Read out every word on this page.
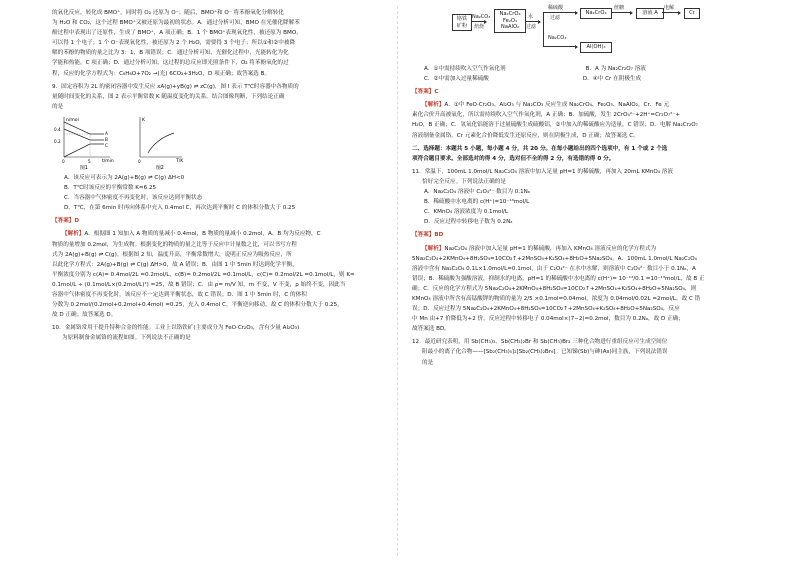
的氧化反应，转化成 BMO⁺，同时将 O₂ 还原为 O⁻；随后，BMO⁺和 O⁻ 将苯酚氧化分解转化

为 H₂O 和 CO₂，这个过程 BMO⁺又被还原为最初的状态。A．通过分析可知，BMO 在光催化降解苯

酚过程中表现出了还原性，生成了 BMO⁺，A 项正确；B．1 个 BMO⁺表现氧化性，被还原为 BMO，

可以得 1 个电子；1 个 O⁻表现氧化性，被还原为 2 个 H₂O，需要得 3 个电子；所以①和②中被降

解的苯酚的物质的量之比为 3：1，B 项错误；C．通过分析可知，光催化过程中，光能转化为化

学能和热能，C 项正确；D．通过分析可知，这过程的总反应即光照条件下，O₂ 将苯酚氧化的过

程，反应的化学方程式为：C₆H₆O+7O₂ →(光) 6CO₂+3H₂O，D 项正确；故答案选 B。

9．固定容积为 2L 的密闭容器中发生反应 xA(g)+yB(g) ⇌ zC(g)，图 I 表示 T℃时容器中各物质的

量随时间变化的关系，图 2 表示平衡常数 K 随温度变化的关系。结合图像判断，下列结论正确

的是

n/mol
t/min
0.4
0.2
0	5
A
B
C
图1
K
T/K
0
图2

A．该反应可表示为 2A(g)+B(g) ⇌ C(g) ΔH<0

B．T℃时该反应的平衡常数 K=6.25

C．当容器中气体密度不再变化时，该反应达到平衡状态

D．T℃，在第 6min 时再向体系中充入 0.4mol C，再次达到平衡时 C 的体积分数大于 0.25

【答案】D

【解析】A．根据图 1 知加入 A 物质的量减小 0.4mol，B 物质的量减小 0.2mol，A、B 均为反应物，C

物质的量增加 0.2mol，为生成物。根据变化的物质的量之比等于反应中计量数之比，可以书写方程

式为 2A(g)+B(g) ⇌ C(g)。根据图 2 知，温度升高，平衡常数增大，说明正反应为吸热反应，所

以此化学方程式：2A(g)+B(g) ⇌ C(g) ΔH>0，故 A 错误；B．由图 1 中 5min 时达到化学平衡，

平衡浓度分别为 c(A)= 0.4mol/2L =0.2mol/L，c(B)= 0.2mol/2L =0.1mol/L，c(C)= 0.2mol/2L =0.1mol/L，则 K=

0.1mol/L ÷ (0.1mol/L×(0.2mol/L)²) =25，故 B 错误；C．由 ρ= m/V 知，m 不变，V 不变，ρ 始终不变，因此当

容器中气体密度不再变化时，该反应不一定达到平衡状态，故 C 错误；D．图 1 中 5min 时，C 的体积

分数为 0.2mol/(0.2mol+0.2mol+0.4mol) =0.25，充入 0.4mol C，平衡逆向移动，故 C 的体积分数大于 0.25，

故 D 正确；故答案选 D。

10．金属铬常用于提升特种合金的性能。工业上以铬铁矿(主要成分为 FeO·Cr₂O₃，含有少量 Al₂O₃)

为原料制备金属铬的流程如图。下列说法不正确的是

铬铁矿粉
Na₂CO₃
焙烧
Na₂CrO₄
Fe₂O₃
NaAlO₂
水
过滤
稀硫酸
过滤
Na₂CrO₄
Al(OH)₃
Na₂CO₃
蔗糖
溶液 A
电解
Cr

A．①中需持续吹入空气作氧化剂	B．A 为 Na₂Cr₂O₇ 溶液

C．②中需加入过量稀硫酸	D．④中 Cr 在阴极生成

【答案】C

【解析】A．①中 FeO·Cr₂O₃、Al₂O₃ 与 Na₂CO₃ 反应生成 Na₂CrO₄、Fe₂O₃、NaAlO₂，Cr、Fe 元

素化合价升高被氧化，所以需持续吹入空气作氧化剂，A 正确；B．加硫酸，发生 2CrO₄²⁻+2H⁺=Cr₂O₇²⁻+

H₂O，B 正确；C．氢氧化铝能溶于过量硫酸生成硫酸铝，②中加入的稀硫酸应为适量，C 错误；D．电解 Na₂Cr₂O₇

溶液制备金属铬，Cr 元素化合价降低发生还原反应，则在阴极生成，D 正确；故答案选 C。

二、选择题：本题共 5 小题，每小题 4 分，共 20 分。在每小题给出的四个选项中，有 1 个或 2 个选

项符合题目要求。全部选对的得 4 分，选对但不全的得 2 分，有选错的得 0 分。

11．常温下，100mL 1.0mol/L Na₂C₂O₄ 溶液中加入足量 pH=1 的稀硫酸，再加入 20mL KMnO₄ 溶液

恰好完全反应。下列说法正确的是

A．Na₂C₂O₄ 溶液中 C₂O₄²⁻ 数目为 0.1Nₐ

B．稀硫酸中水电离的 c(H⁺)=10⁻¹³mol/L

C．KMnO₄ 溶液浓度为 0.1mol/L

D．反应过程中转移电子数为 0.2Nₐ

【答案】BD

【解析】Na₂C₂O₄ 溶液中加入足量 pH=1 的稀硫酸，再加入 KMnO₄ 溶液反应的化学方程式为

5Na₂C₂O₄+2KMnO₄+8H₂SO₄=10CO₂↑+2MnSO₄+K₂SO₄+8H₂O+5Na₂SO₄。A．100mL 1.0mol/L Na₂C₂O₄

溶液中含有 Na₂C₂O₄ 0.1L×1.0mol/L=0.1mol，由于 C₂O₄²⁻ 在水中水解，则溶液中 C₂O₄²⁻ 数目小于 0.1Nₐ，A

错误；B．稀硫酸为强酸溶液，抑制水的电离，pH=1 的稀硫酸中水电离的 c(H⁺)= 10⁻¹⁴/0.1 =10⁻¹³mol/L，故 B 正

确；C．反应的化学方程式为 5Na₂C₂O₄+2KMnO₄+8H₂SO₄=10CO₂↑+2MnSO₄+K₂SO₄+8H₂O+5Na₂SO₄，则

KMnO₄ 溶液中所含有高锰酸钾的物质的量为 2/5 ×0.1mol=0.04mol，浓度为 0.04mol/0.02L =2mol/L，故 C 错

误；D．反应过程为 5Na₂C₂O₄+2KMnO₄+8H₂SO₄=10CO₂↑+2MnSO₄+K₂SO₄+8H₂O+5Na₂SO₄，反应

中 Mn 由+7 价降低为+2 价，反应过程中转移电子 0.04mol×(7−2)=0.2mol，数目为 0.2Nₐ，故 D 正确；

故答案选 BD。

12．最近研究表明，用 Sb(CH₃)₃、Sb(CH₃)₂Br 和 Sb(CH₃)Br₂ 三种化合物进行重组反应可生成空间位

阻最小的离子化合物——[Sb₂(CH₃)₅]₂[Sb₂(CH₃)₂Br₆]。已知锑(Sb)与砷(As)同主族，下列说法错误

的是
